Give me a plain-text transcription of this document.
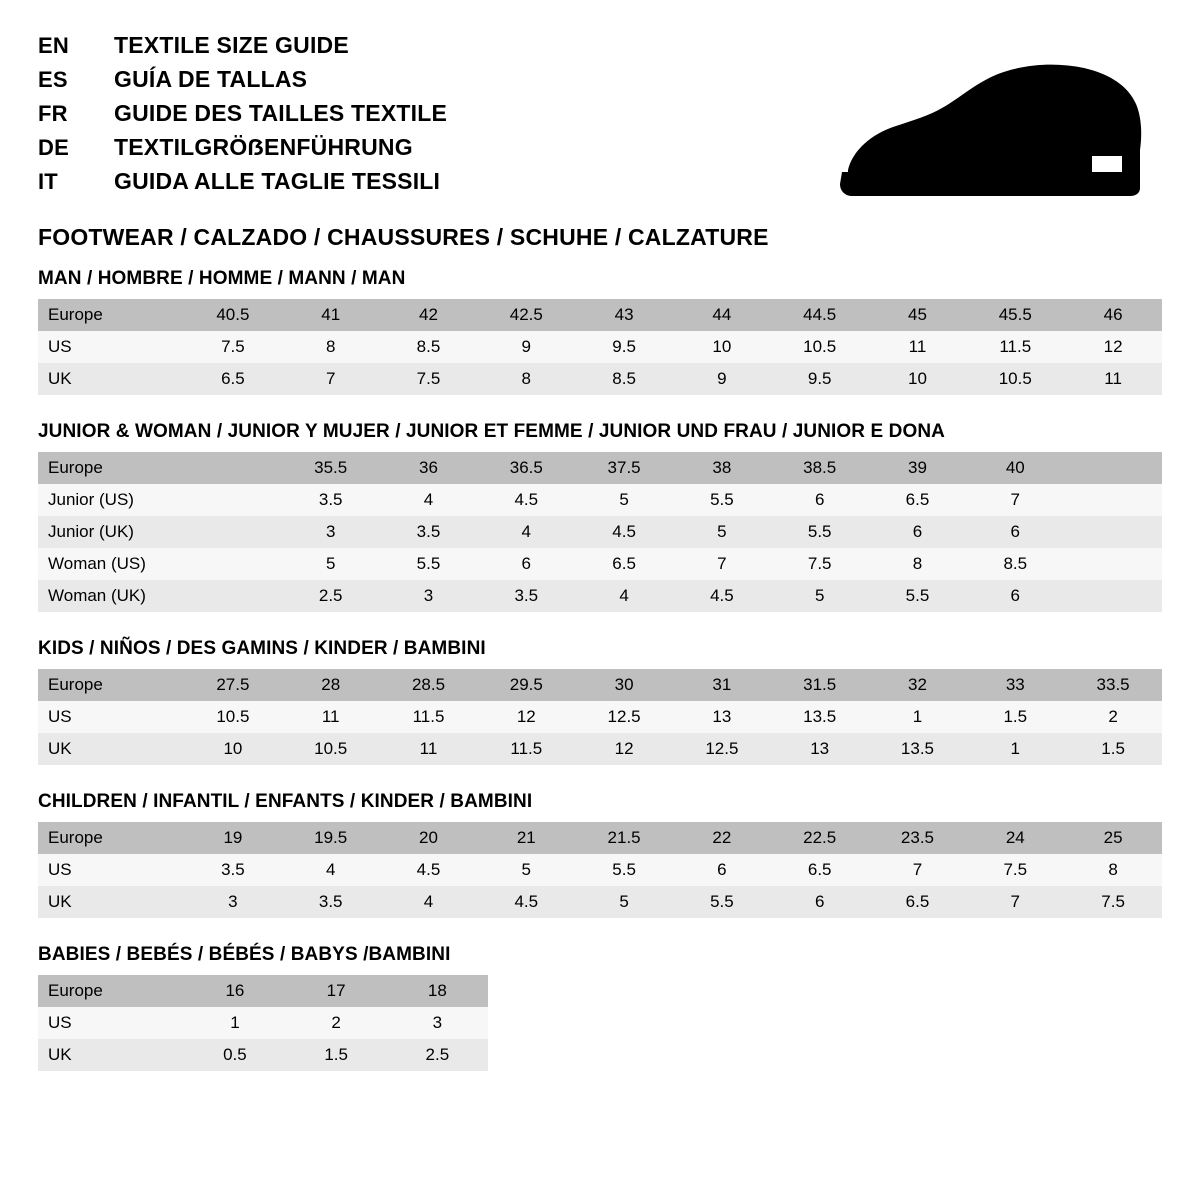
EN	TEXTILE SIZE GUIDE
ES	GUÍA DE TALLAS
FR	GUIDE DES TAILLES TEXTILE
DE	TEXTILGRÖẞENFÜHRUNG
IT	GUIDA ALLE TAGLIE TESSILI
FOOTWEAR / CALZADO / CHAUSSURES / SCHUHE / CALZATURE
MAN / HOMBRE / HOMME / MANN / MAN
Europe	40.5	41	42	42.5	43	44	44.5	45	45.5	46
US	7.5	8	8.5	9	9.5	10	10.5	11	11.5	12
UK	6.5	7	7.5	8	8.5	9	9.5	10	10.5	11
JUNIOR & WOMAN / JUNIOR Y MUJER / JUNIOR ET FEMME / JUNIOR UND FRAU / JUNIOR E DONA
Europe		35.5	36	36.5	37.5	38	38.5	39	40	
Junior (US)		3.5	4	4.5	5	5.5	6	6.5	7	
Junior (UK)		3	3.5	4	4.5	5	5.5	6	6	
Woman (US)		5	5.5	6	6.5	7	7.5	8	8.5	
Woman (UK)		2.5	3	3.5	4	4.5	5	5.5	6	
KIDS / NIÑOS / DES GAMINS / KINDER / BAMBINI
Europe	27.5	28	28.5	29.5	30	31	31.5	32	33	33.5
US	10.5	11	11.5	12	12.5	13	13.5	1	1.5	2
UK	10	10.5	11	11.5	12	12.5	13	13.5	1	1.5
CHILDREN / INFANTIL / ENFANTS / KINDER / BAMBINI
Europe	19	19.5	20	21	21.5	22	22.5	23.5	24	25
US	3.5	4	4.5	5	5.5	6	6.5	7	7.5	8
UK	3	3.5	4	4.5	5	5.5	6	6.5	7	7.5
BABIES / BEBÉS / BÉBÉS / BABYS /BAMBINI
Europe	16	17	18
US	1	2	3
UK	0.5	1.5	2.5
